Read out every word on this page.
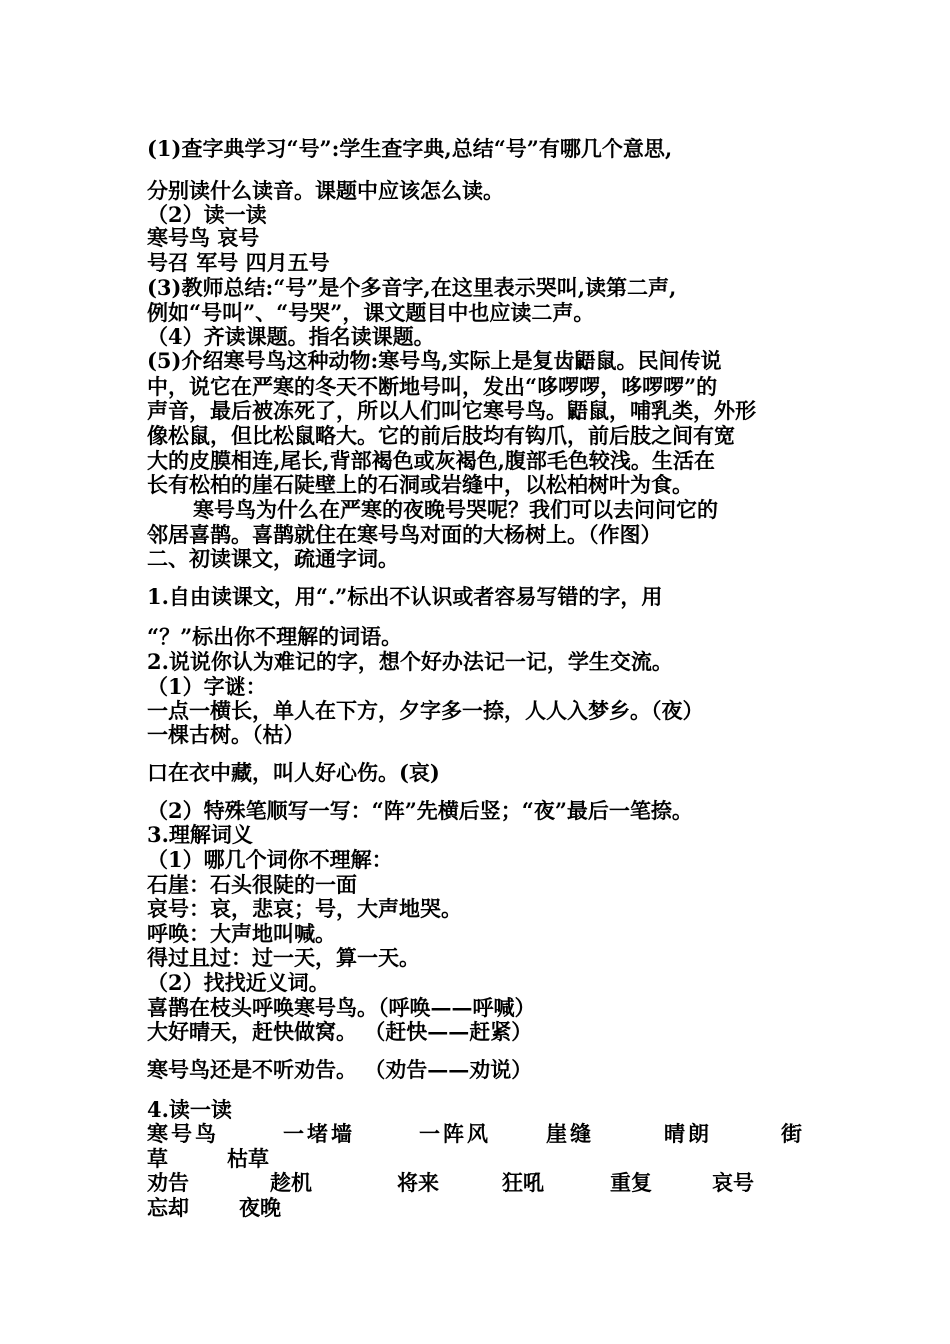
(1)查字典学习“号”:学生查字典,总结“号”有哪几个意思,
分别读什么读音。课题中应该怎么读。
（2）读一读
寒号鸟 哀号
号召 军号 四月五号
(3)教师总结:“号”是个多音字,在这里表示哭叫,读第二声,
例如“号叫”、“号哭”，课文题目中也应读二声。
（4）齐读课题。指名读课题。
(5)介绍寒号鸟这种动物:寒号鸟,实际上是复齿鼯鼠。民间传说
中，说它在严寒的冬天不断地号叫，发出“哆啰啰，哆啰啰”的
声音，最后被冻死了，所以人们叫它寒号鸟。鼯鼠，哺乳类，外形
像松鼠，但比松鼠略大。它的前后肢均有钩爪，前后肢之间有宽
大的皮膜相连,尾长,背部褐色或灰褐色,腹部毛色较浅。生活在
长有松柏的崖石陡壁上的石洞或岩缝中，以松柏树叶为食。
寒号鸟为什么在严寒的夜晚号哭呢？我们可以去问问它的
邻居喜鹊。喜鹊就住在寒号鸟对面的大杨树上。（作图）
二、初读课文，疏通字词。
1.自由读课文，用“.”标出不认识或者容易写错的字，用
“？”标出你不理解的词语。
2.说说你认为难记的字，想个好办法记一记，学生交流。
（1）字谜：
一点一横长，单人在下方，夕字多一捺，人人入梦乡。（夜）
一棵古树。（枯）
口在衣中藏，叫人好心伤。(哀)
（2）特殊笔顺写一写：“阵”先横后竖；“夜”最后一笔捺。
3.理解词义
（1）哪几个词你不理解：
石崖：石头很陡的一面
哀号：哀，悲哀；号，大声地哭。
呼唤：大声地叫喊。
得过且过：过一天，算一天。
（2）找找近义词。
喜鹊在枝头呼唤寒号鸟。（呼唤——呼喊）
大好晴天，赶快做窝。 （赶快——赶紧）
寒号鸟还是不听劝告。 （劝告——劝说）
4.读一读
寒号鸟	一堵墙	一阵风	崖缝	晴朗	街
草	枯草
劝告	趁机	将来	狂吼	重复	哀号
忘却 夜晚
